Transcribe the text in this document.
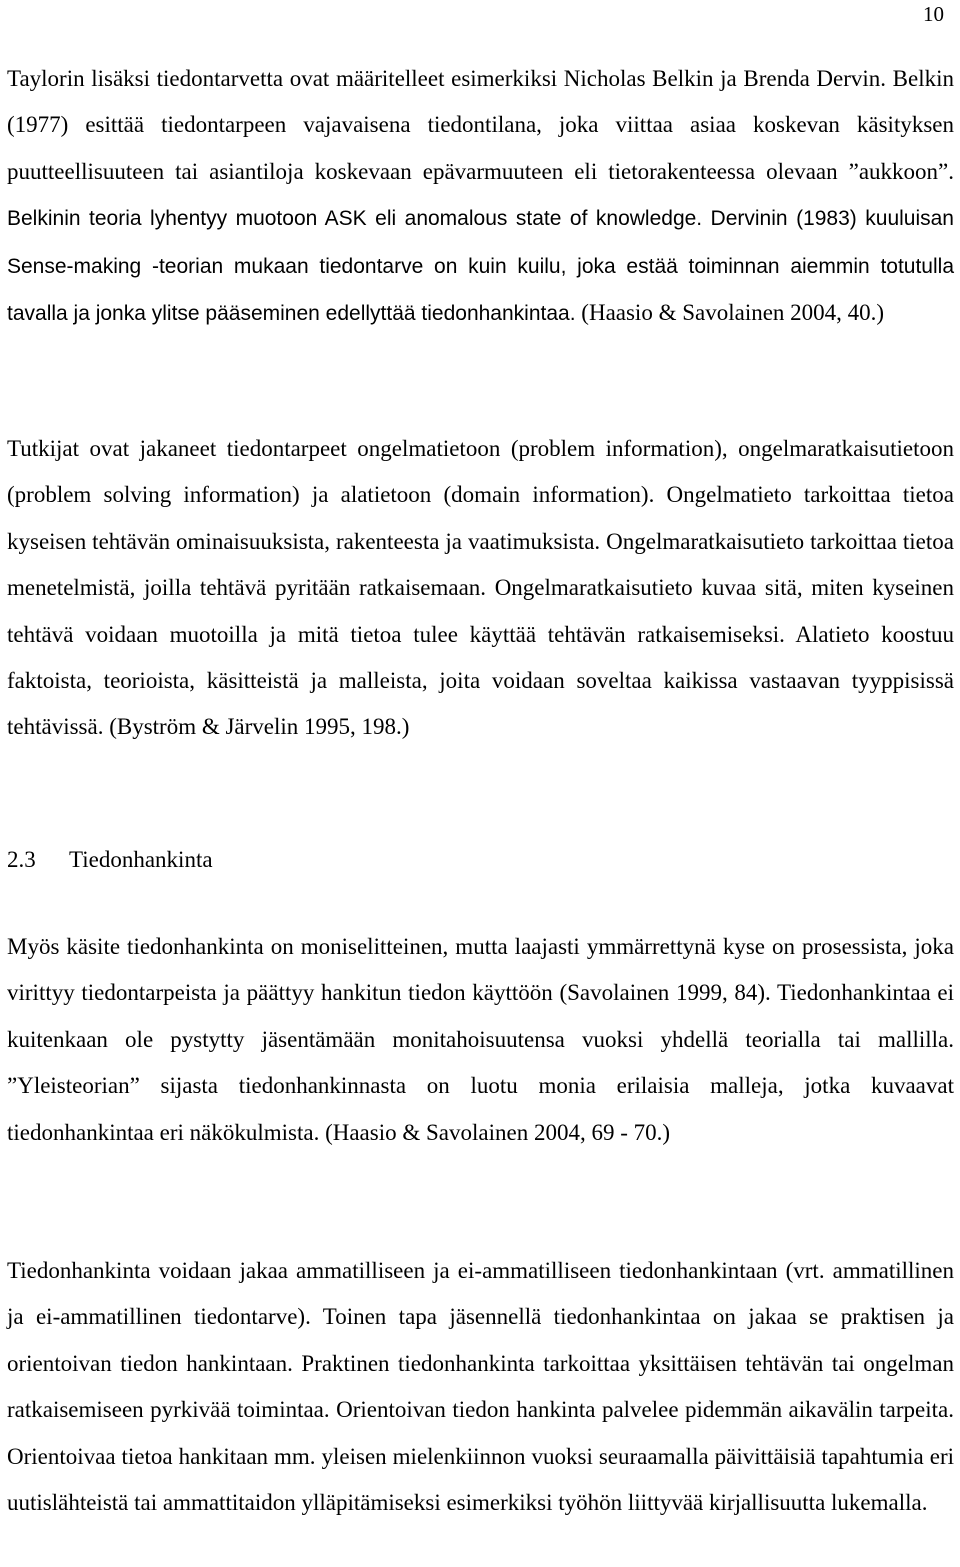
10

Taylorin lisäksi tiedontarvetta ovat määritelleet esimerkiksi Nicholas Belkin ja Brenda Dervin. Belkin (1977) esittää tiedontarpeen vajavaisena tiedontilana, joka viittaa asiaa koskevan käsityksen puutteellisuuteen tai asiantiloja koskevaan epävarmuuteen eli tietorakenteessa olevaan ”aukkoon”. Belkinin teoria lyhentyy muotoon ASK eli anomalous state of knowledge. Dervinin (1983) kuuluisan Sense-making -teorian mukaan tiedontarve on kuin kuilu, joka estää toiminnan aiemmin totutulla tavalla ja jonka ylitse pääseminen edellyttää tiedonhankintaa. (Haasio & Savolainen 2004, 40.)

Tutkijat ovat jakaneet tiedontarpeet ongelmatietoon (problem information), ongelmaratkaisutietoon (problem solving information) ja alatietoon (domain information). Ongelmatieto tarkoittaa tietoa kyseisen tehtävän ominaisuuksista, rakenteesta ja vaatimuksista. Ongelmaratkaisutieto tarkoittaa tietoa menetelmistä, joilla tehtävä pyritään ratkaisemaan. Ongelmaratkaisutieto kuvaa sitä, miten kyseinen tehtävä voidaan muotoilla ja mitä tietoa tulee käyttää tehtävän ratkaisemiseksi. Alatieto koostuu faktoista, teorioista, käsitteistä ja malleista, joita voidaan soveltaa kaikissa vastaavan tyyppisissä tehtävissä. (Byström & Järvelin 1995, 198.)

2.3 Tiedonhankinta

Myös käsite tiedonhankinta on moniselitteinen, mutta laajasti ymmärrettynä kyse on prosessista, joka virittyy tiedontarpeista ja päättyy hankitun tiedon käyttöön (Savolainen 1999, 84). Tiedonhankintaa ei kuitenkaan ole pystytty jäsentämään monitahoisuutensa vuoksi yhdellä teorialla tai mallilla. ”Yleisteorian” sijasta tiedonhankinnasta on luotu monia erilaisia malleja, jotka kuvaavat tiedonhankintaa eri näkökulmista. (Haasio & Savolainen 2004, 69 - 70.)

Tiedonhankinta voidaan jakaa ammatilliseen ja ei-ammatilliseen tiedonhankintaan (vrt. ammatillinen ja ei-ammatillinen tiedontarve). Toinen tapa jäsennellä tiedonhankintaa on jakaa se praktisen ja orientoivan tiedon hankintaan. Praktinen tiedonhankinta tarkoittaa yksittäisen tehtävän tai ongelman ratkaisemiseen pyrkivää toimintaa. Orientoivan tiedon hankinta palvelee pidemmän aikavälin tarpeita. Orientoivaa tietoa hankitaan mm. yleisen mielenkiinnon vuoksi seuraamalla päivittäisiä tapahtumia eri uutislähteistä tai ammattitaidon ylläpitämiseksi esimerkiksi työhön liittyvää kirjallisuutta lukemalla.
